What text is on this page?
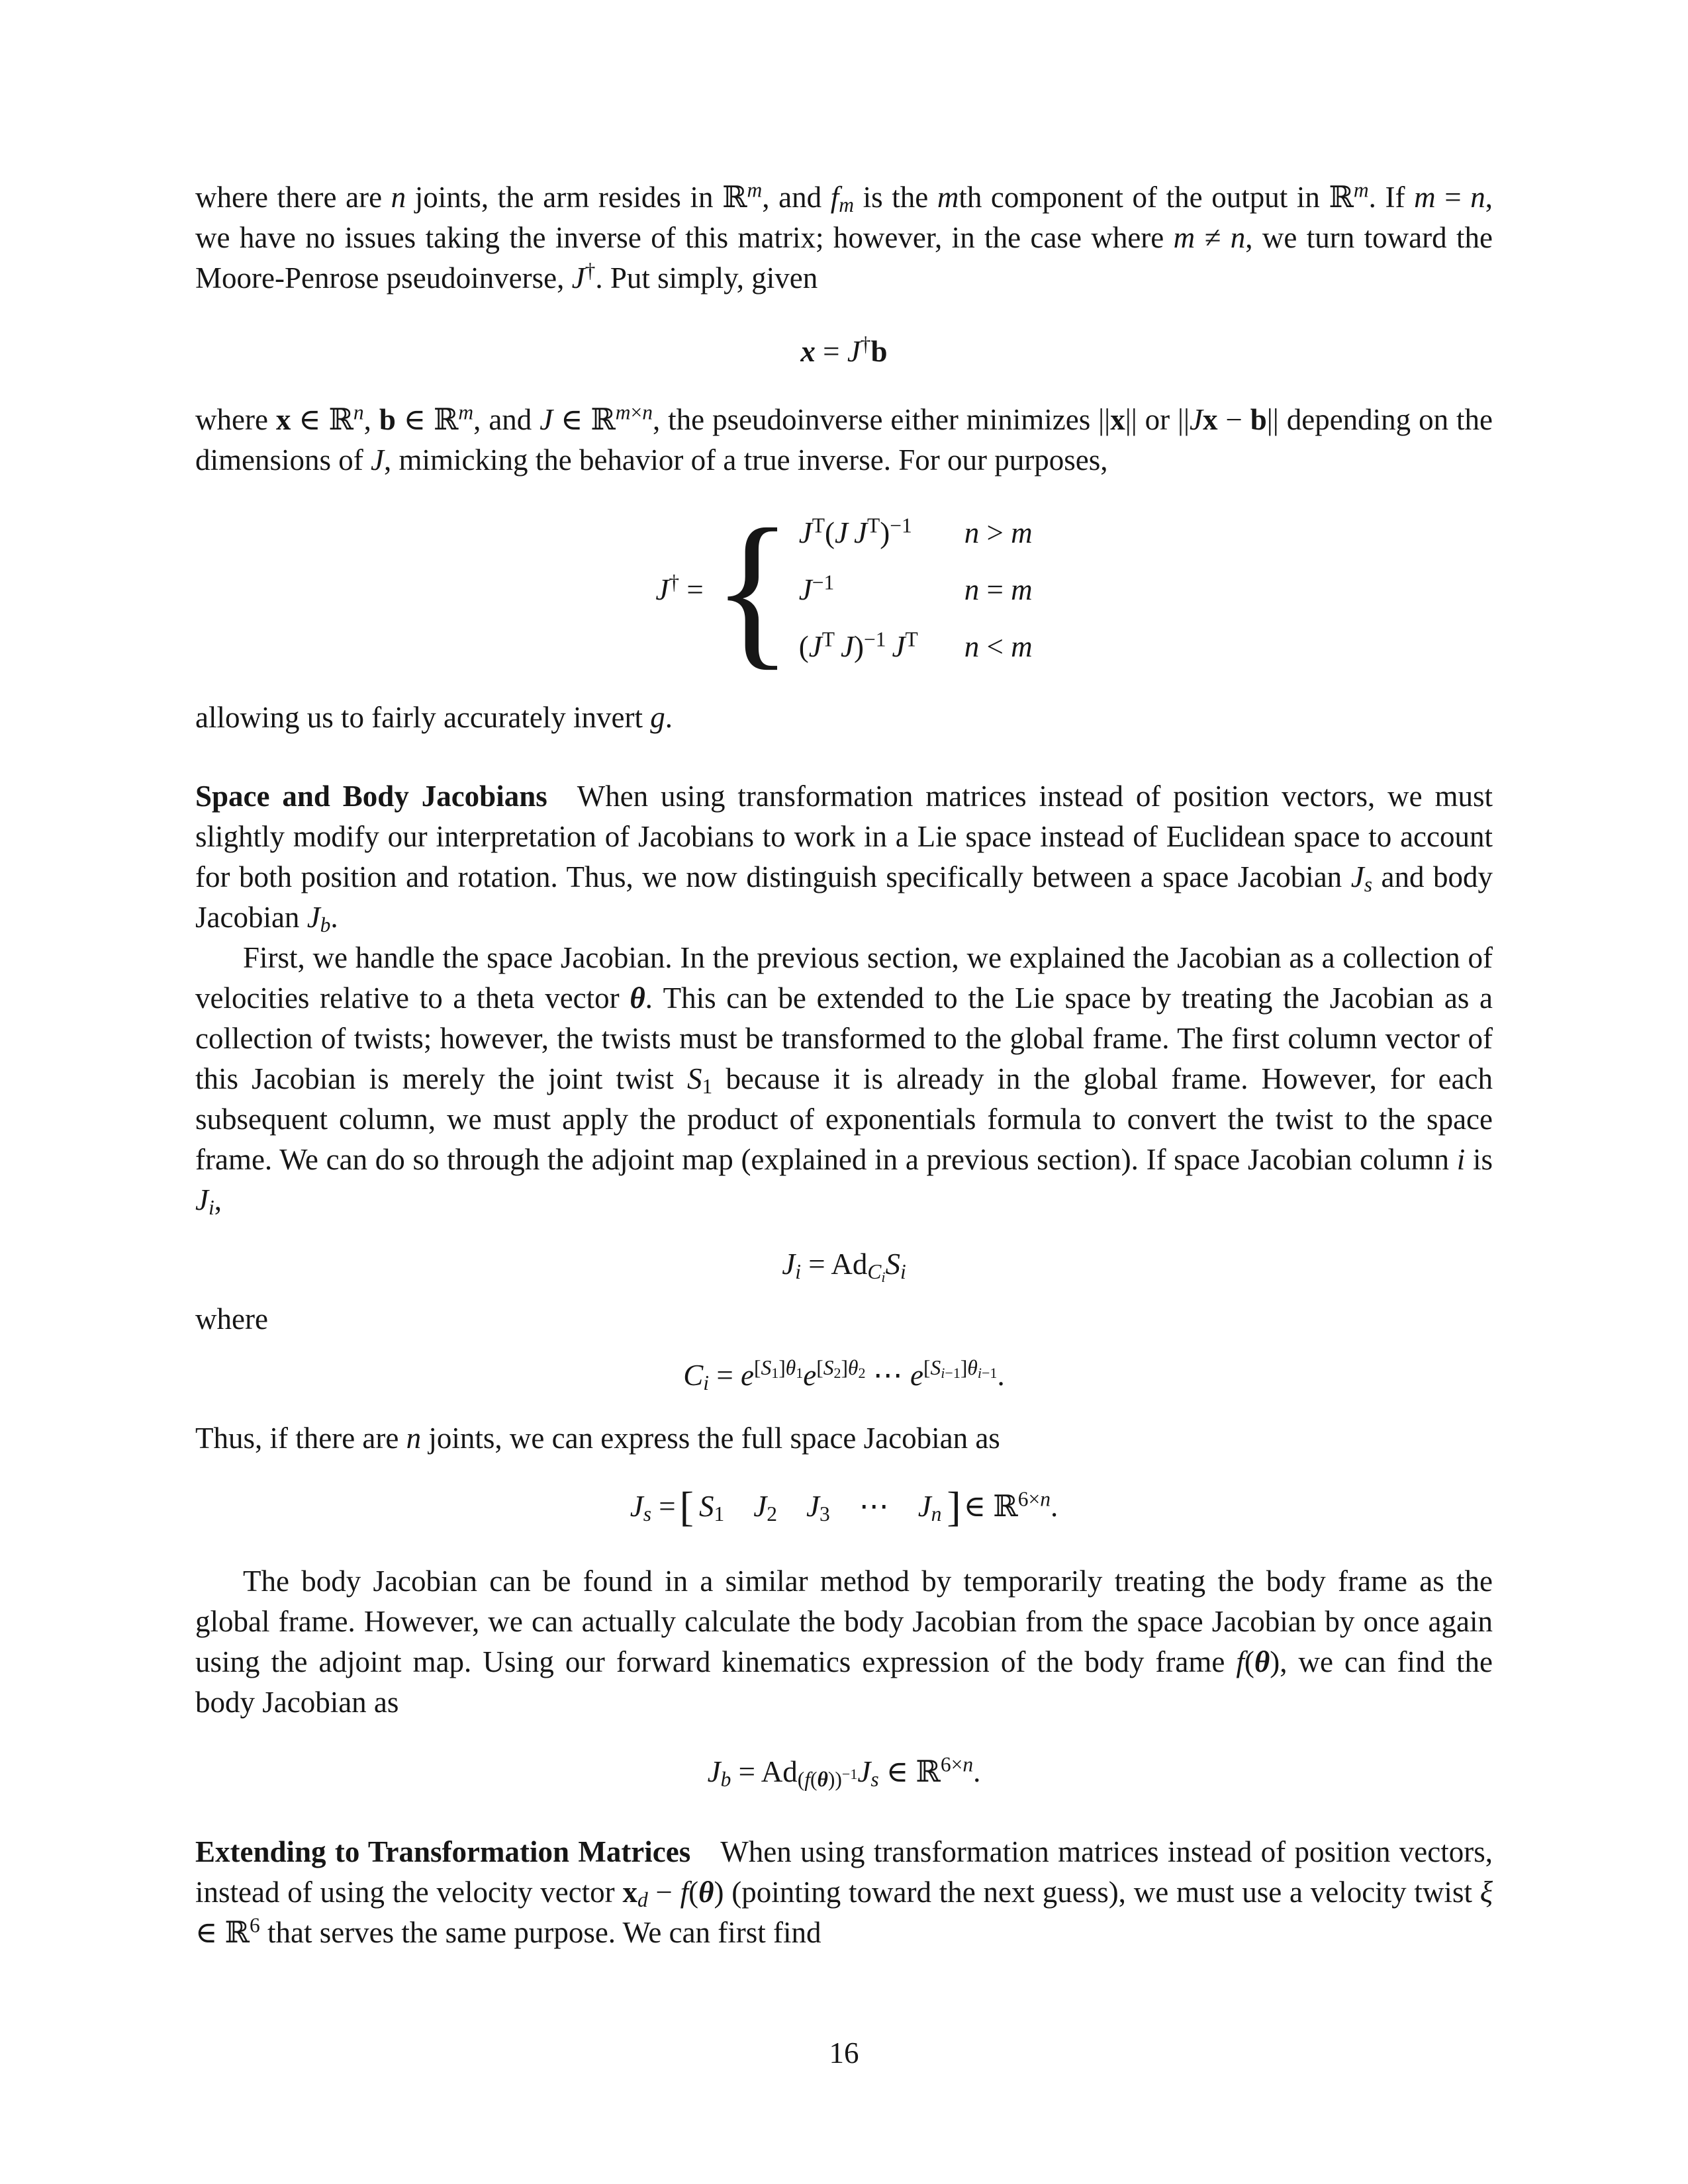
where there are n joints, the arm resides in ℝ$^m$, and fm is the mth component of the output in ℝ$^m$. If m = n, we have no issues taking the inverse of this matrix; however, in the case where m ≠ n, we turn toward the Moore-Penrose pseudoinverse, J†. Put simply, given

x = J†b

where x ∈ ℝ$^n$, b ∈ ℝ$^m$, and J ∈ ℝ$^{m\times n}$, the pseudoinverse either minimizes ||x|| or ||Jx − b|| depending on the dimensions of J, mimicking the behavior of a true inverse. For our purposes,

J† = { $J^T(J$ $J^T)^{-1}$ n > m
$J^{-1}$	n = m
($J^T$  J)$^{-1}$  $J^T$ n < m

allowing us to fairly accurately invert g.

Space and Body Jacobians When using transformation matrices instead of position vectors, we must slightly modify our interpretation of Jacobians to work in a Lie space instead of Euclidean space to account for both position and rotation. Thus, we now distinguish specifically between a space Jacobian Js and body Jacobian Jb.

First, we handle the space Jacobian. In the previous section, we explained the Jacobian as a collection of velocities relative to a theta vector θ. This can be extended to the Lie space by treating the Jacobian as a collection of twists; however, the twists must be transformed to the global frame. The first column vector of this Jacobian is merely the joint twist S1 because it is already in the global frame. However, for each subsequent column, we must apply the product of exponentials formula to convert the twist to the space frame. We can do so through the adjoint map (explained in a previous section). If space Jacobian column i is Ji,

Ji = AdCiSi

where

$Ci = e^{[S1]\theta 1}e^{[S2]\theta 2}$ ⋯ $e^{[Si-1]\theta i-1}$.

Thus, if there are n joints, we can express the full space Jacobian as

Js = [ S1 J2 J3 ⋯ Jn ] ∈ ℝ$^{6\times n}$.

The body Jacobian can be found in a similar method by temporarily treating the body frame as the global frame. However, we can actually calculate the body Jacobian from the space Jacobian by once again using the adjoint map. Using our forward kinematics expression of the body frame f(θ), we can find the body Jacobian as

$Jb = Ad(f(\theta))^{-1}Js$ ∈ ℝ$^{6\times n}$.

Extending to Transformation Matrices When using transformation matrices instead of position vectors, instead of using the velocity vector xd − f(θ) (pointing toward the next guess), we must use a velocity twist ξ ∈ ℝ$^6$ that serves the same purpose. We can first find

16
